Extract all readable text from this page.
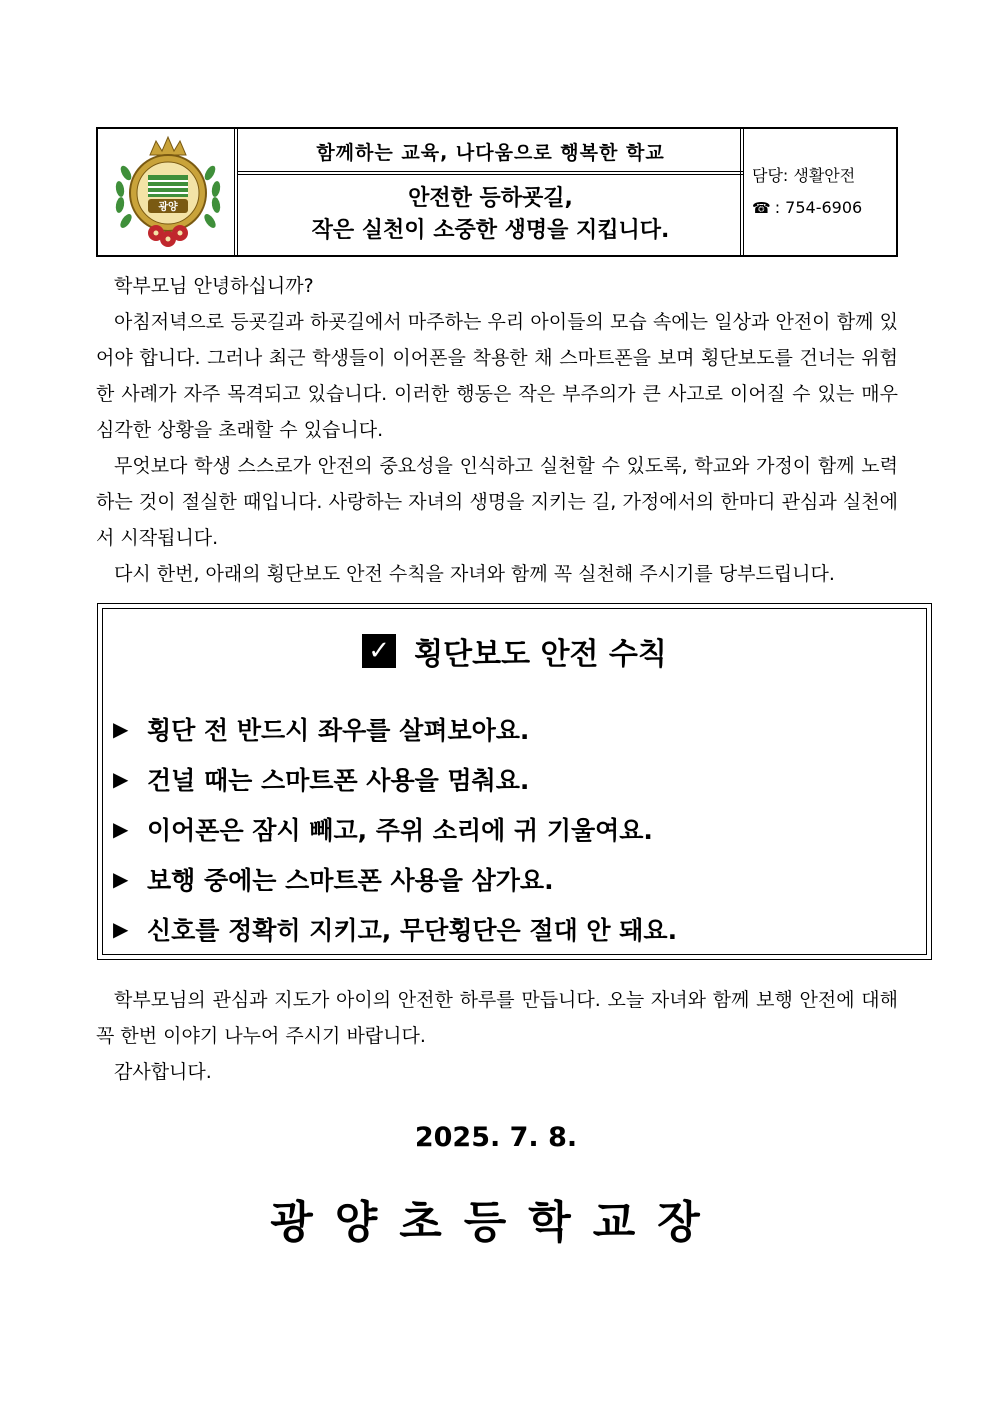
광양
함께하는 교육, 나다움으로 행복한 학교
안전한 등하굣길,
작은 실천이 소중한 생명을 지킵니다.
담당: 생활안전
☎ : 754-6906
학부모님 안녕하십니까?
아침저녁으로 등굣길과 하굣길에서 마주하는 우리 아이들의 모습 속에는 일상과 안전이 함께 있어야 합니다. 그러나 최근 학생들이 이어폰을 착용한 채 스마트폰을 보며 횡단보도를 건너는 위험한 사례가 자주 목격되고 있습니다. 이러한 행동은 작은 부주의가 큰 사고로 이어질 수 있는 매우 심각한 상황을 초래할 수 있습니다.
무엇보다 학생 스스로가 안전의 중요성을 인식하고 실천할 수 있도록, 학교와 가정이 함께 노력하는 것이 절실한 때입니다. 사랑하는 자녀의 생명을 지키는 길, 가정에서의 한마디 관심과 실천에서 시작됩니다.
다시 한번, 아래의 횡단보도 안전 수칙을 자녀와 함께 꼭 실천해 주시기를 당부드립니다.
✓ 횡단보도 안전 수칙
▶ 횡단 전 반드시 좌우를 살펴보아요.
▶ 건널 때는 스마트폰 사용을 멈춰요.
▶ 이어폰은 잠시 빼고, 주위 소리에 귀 기울여요.
▶ 보행 중에는 스마트폰 사용을 삼가요.
▶ 신호를 정확히 지키고, 무단횡단은 절대 안 돼요.
학부모님의 관심과 지도가 아이의 안전한 하루를 만듭니다. 오늘 자녀와 함께 보행 안전에 대해 꼭 한번 이야기 나누어 주시기 바랍니다.
감사합니다.
2025. 7. 8.
광양초등학교장
